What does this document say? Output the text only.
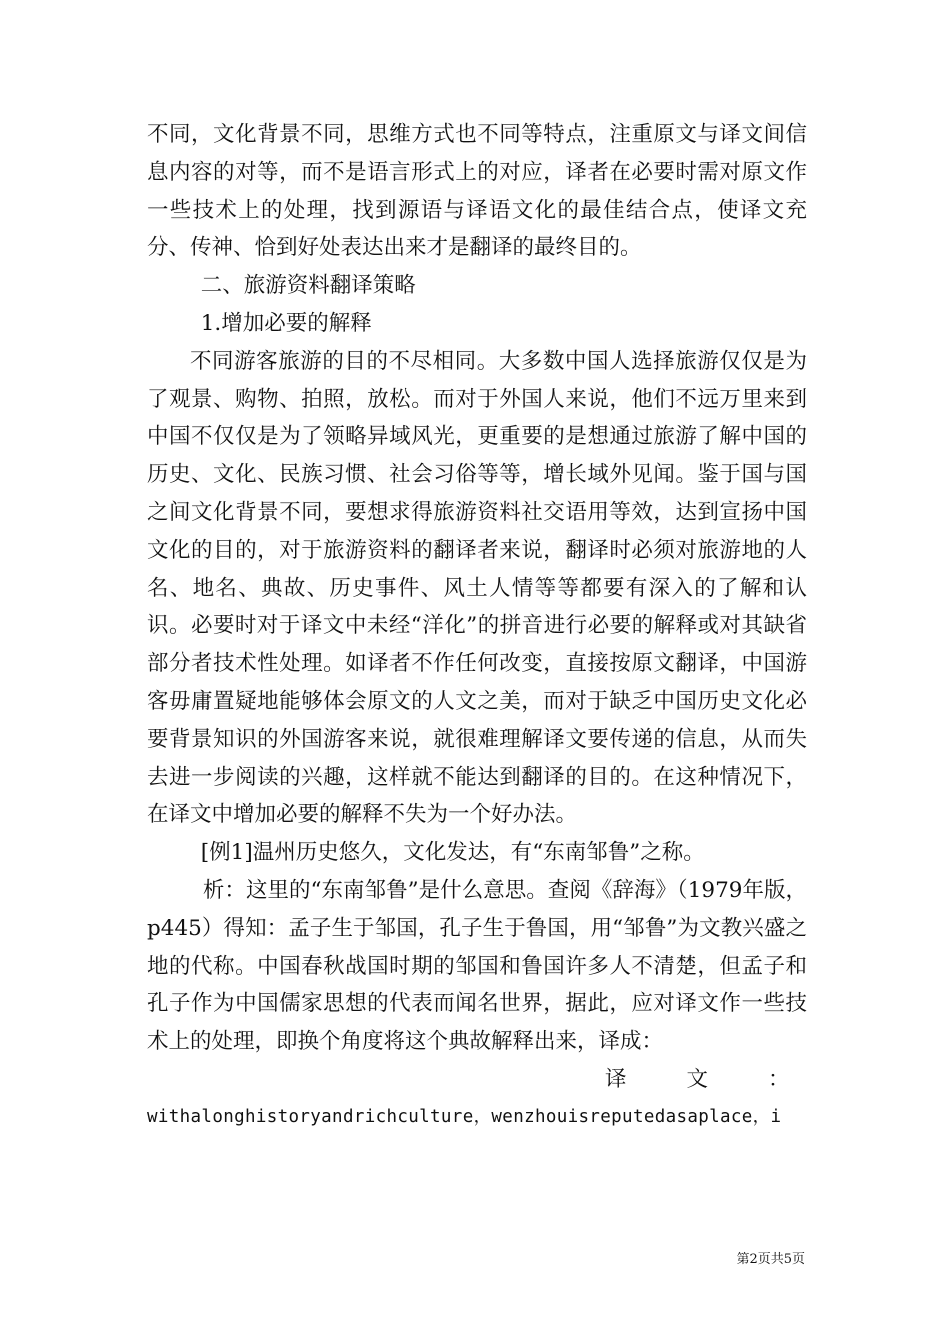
不同，文化背景不同，思维方式也不同等特点，注重原文与译文间信息内容的对等，而不是语言形式上的对应，译者在必要时需对原文作一些技术上的处理，找到源语与译语文化的最佳结合点，使译文充分、传神、恰到好处表达出来才是翻译的最终目的。

二、旅游资料翻译策略

1.增加必要的解释

不同游客旅游的目的不尽相同。大多数中国人选择旅游仅仅是为了观景、购物、拍照，放松。而对于外国人来说，他们不远万里来到中国不仅仅是为了领略异域风光，更重要的是想通过旅游了解中国的历史、文化、民族习惯、社会习俗等等，增长域外见闻。鉴于国与国之间文化背景不同，要想求得旅游资料社交语用等效，达到宣扬中国文化的目的，对于旅游资料的翻译者来说，翻译时必须对旅游地的人名、地名、典故、历史事件、风土人情等等都要有深入的了解和认识。必要时对于译文中未经“洋化”的拼音进行必要的解释或对其缺省部分者技术性处理。如译者不作任何改变，直接按原文翻译，中国游客毋庸置疑地能够体会原文的人文之美，而对于缺乏中国历史文化必要背景知识的外国游客来说，就很难理解译文要传递的信息，从而失去进一步阅读的兴趣，这样就不能达到翻译的目的。在这种情况下，在译文中增加必要的解释不失为一个好办法。

[例1]温州历史悠久，文化发达，有“东南邹鲁”之称。

析：这里的“东南邹鲁”是什么意思。查阅《辞海》（1979年版，p445）得知：孟子生于邹国，孔子生于鲁国，用“邹鲁”为文教兴盛之地的代称。中国春秋战国时期的邹国和鲁国许多人不清楚，但孟子和孔子作为中国儒家思想的代表而闻名世界，据此，应对译文作一些技术上的处理，即换个角度将这个典故解释出来，译成：

译文：

withalonghistoryandrichculture，wenzhouisreputedasaplace，i

第2页共5页
